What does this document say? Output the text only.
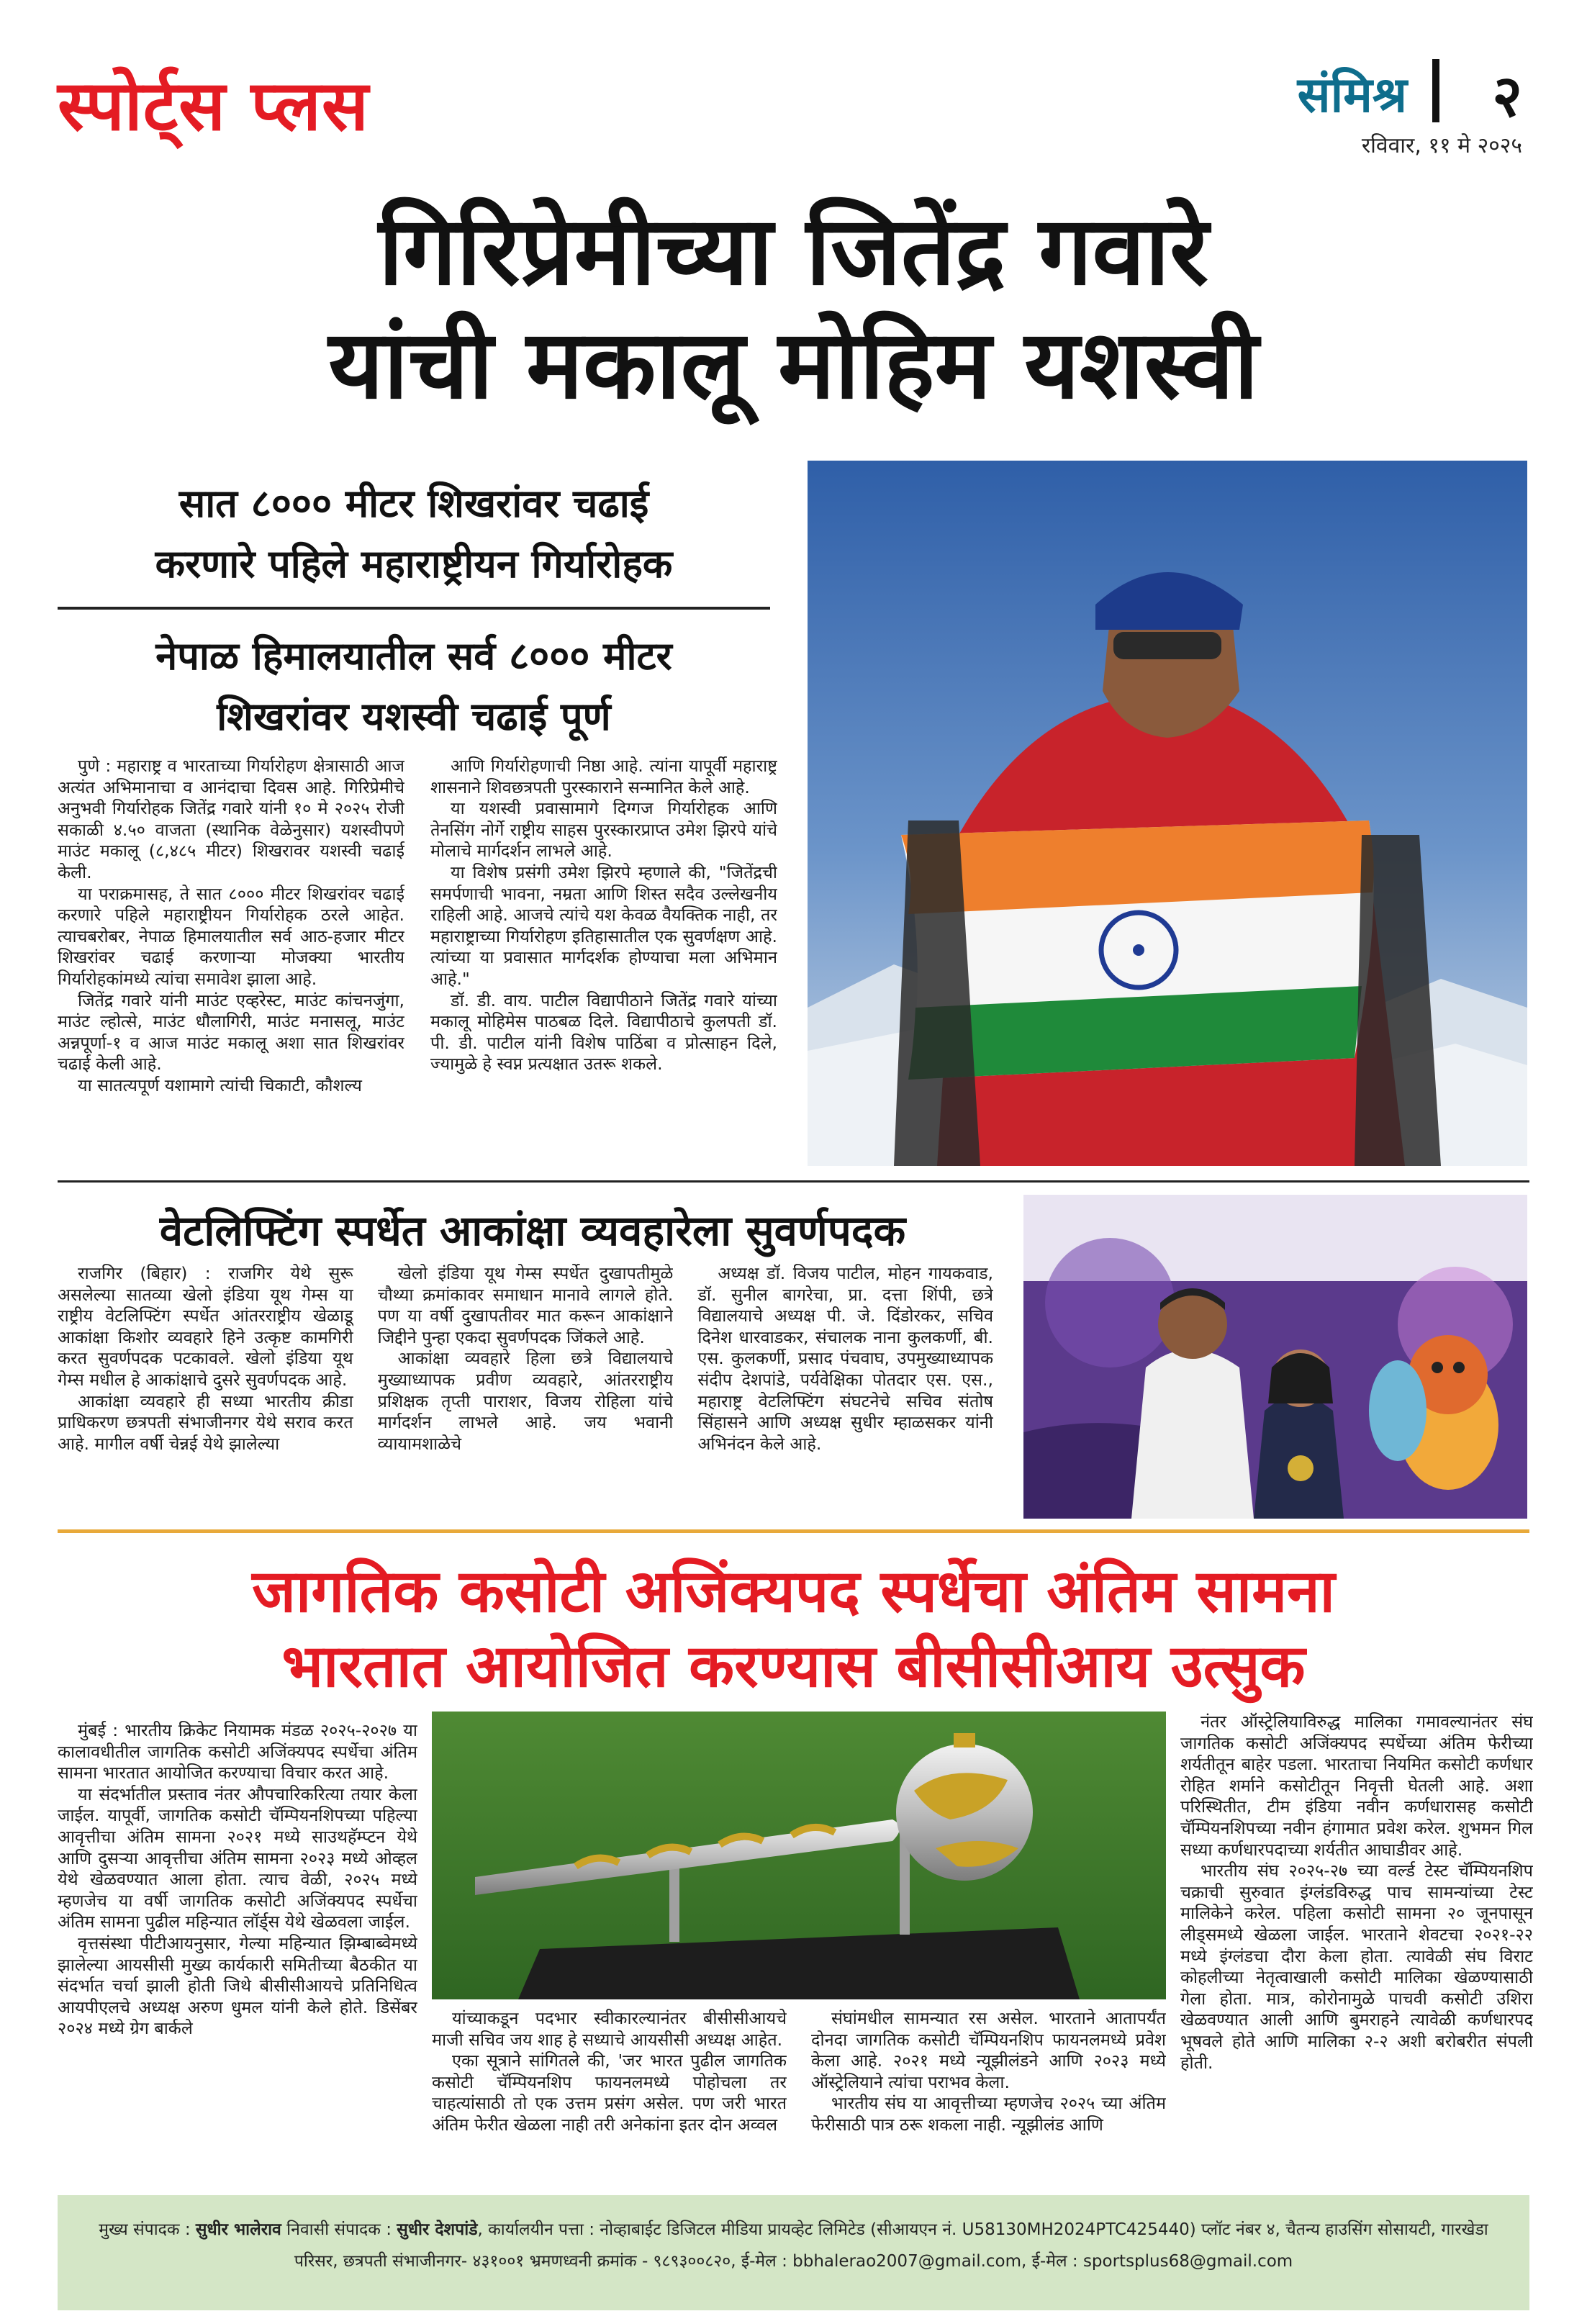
स्पोर्ट्स प्लस	संमिश्र २
रविवार, ११ मे २०२५
गिरिप्रेमीच्या जितेंद्र गवारे
यांची मकालू मोहिम यशस्वी
सात ८००० मीटर शिखरांवर चढाई
करणारे पहिले महाराष्ट्रीयन गिर्यारोहक
नेपाळ हिमालयातील सर्व ८००० मीटर
शिखरांवर यशस्वी चढाई पूर्ण

पुणे : महाराष्ट्र व भारताच्या गिर्यारोहण क्षेत्रासाठी आज अत्यंत अभिमानाचा व आनंदाचा दिवस आहे. गिरिप्रेमीचे अनुभवी गिर्यारोहक जितेंद्र गवारे यांनी १० मे २०२५ रोजी सकाळी ४.५० वाजता (स्थानिक वेळेनुसार) यशस्वीपणे माउंट मकालू (८,४८५ मीटर) शिखरावर यशस्वी चढाई केली.

या पराक्रमासह, ते सात ८००० मीटर शिखरांवर चढाई करणारे पहिले महाराष्ट्रीयन गिर्यारोहक ठरले आहेत. त्याचबरोबर, नेपाळ हिमालयातील सर्व आठ-हजार मीटर शिखरांवर चढाई करणाऱ्या मोजक्या भारतीय गिर्यारोहकांमध्ये त्यांचा समावेश झाला आहे.

जितेंद्र गवारे यांनी माउंट एव्हरेस्ट, माउंट कांचनजुंगा, माउंट ल्होत्से, माउंट धौलागिरी, माउंट मनासलू, माउंट अन्नपूर्णा-१ व आज माउंट मकालू अशा सात शिखरांवर चढाई केली आहे.

या सातत्यपूर्ण यशामागे त्यांची चिकाटी, कौशल्य

आणि गिर्यारोहणाची निष्ठा आहे. त्यांना यापूर्वी महाराष्ट्र शासनाने शिवछत्रपती पुरस्काराने सन्मानित केले आहे.

या यशस्वी प्रवासामागे दिग्गज गिर्यारोहक आणि तेनसिंग नोर्गे राष्ट्रीय साहस पुरस्कारप्राप्त उमेश झिरपे यांचे मोलाचे मार्गदर्शन लाभले आहे.

या विशेष प्रसंगी उमेश झिरपे म्हणाले की, "जितेंद्रची समर्पणाची भावना, नम्रता आणि शिस्त सदैव उल्लेखनीय राहिली आहे. आजचे त्यांचे यश केवळ वैयक्तिक नाही, तर महाराष्ट्राच्या गिर्यारोहण इतिहासातील एक सुवर्णक्षण आहे. त्यांच्या या प्रवासात मार्गदर्शक होण्याचा मला अभिमान आहे."

डॉ. डी. वाय. पाटील विद्यापीठाने जितेंद्र गवारे यांच्या मकालू मोहिमेस पाठबळ दिले. विद्यापीठाचे कुलपती डॉ. पी. डी. पाटील यांनी विशेष पाठिंबा व प्रोत्साहन दिले, ज्यामुळे हे स्वप्न प्रत्यक्षात उतरू शकले.

वेटलिफ्टिंग स्पर्धेत आकांक्षा व्यवहारेला सुवर्णपदक

राजगिर (बिहार) : राजगिर येथे सुरू असलेल्या सातव्या खेलो इंडिया यूथ गेम्स या राष्ट्रीय वेटलिफ्टिंग स्पर्धेत आंतरराष्ट्रीय खेळाडू आकांक्षा किशोर व्यवहारे हिने उत्कृष्ट कामगिरी करत सुवर्णपदक पटकावले. खेलो इंडिया यूथ गेम्स मधील हे आकांक्षाचे दुसरे सुवर्णपदक आहे.

आकांक्षा व्यवहारे ही सध्या भारतीय क्रीडा प्राधिकरण छत्रपती संभाजीनगर येथे सराव करत आहे. मागील वर्षी चेन्नई येथे झालेल्या

खेलो इंडिया यूथ गेम्स स्पर्धेत दुखापतीमुळे चौथ्या क्रमांकावर समाधान मानावे लागले होते. पण या वर्षी दुखापतीवर मात करून आकांक्षाने जिद्दीने पुन्हा एकदा सुवर्णपदक जिंकले आहे.

आकांक्षा व्यवहारे हिला छत्रे विद्यालयाचे मुख्याध्यापक प्रवीण व्यवहारे, आंतरराष्ट्रीय प्रशिक्षक तृप्ती पाराशर, विजय रोहिला यांचे मार्गदर्शन लाभले आहे. जय भवानी व्यायामशाळेचे

अध्यक्ष डॉ. विजय पाटील, मोहन गायकवाड, डॉ. सुनील बागरेचा, प्रा. दत्ता शिंपी, छत्रे विद्यालयाचे अध्यक्ष पी. जे. दिंडोरकर, सचिव दिनेश धारवाडकर, संचालक नाना कुलकर्णी, बी. एस. कुलकर्णी, प्रसाद पंचवाघ, उपमुख्याध्यापक संदीप देशपांडे, पर्यवेक्षिका पोतदार एस. एस., महाराष्ट्र वेटलिफ्टिंग संघटनेचे सचिव संतोष सिंहासने आणि अध्यक्ष सुधीर म्हाळसकर यांनी अभिनंदन केले आहे.

जागतिक कसोटी अजिंक्यपद स्पर्धेचा अंतिम सामना
भारतात आयोजित करण्यास बीसीसीआय उत्सुक

मुंबई : भारतीय क्रिकेट नियामक मंडळ २०२५-२०२७ या कालावधीतील जागतिक कसोटी अजिंक्यपद स्पर्धेचा अंतिम सामना भारतात आयोजित करण्याचा विचार करत आहे.

या संदर्भातील प्रस्ताव नंतर औपचारिकरित्या तयार केला जाईल. यापूर्वी, जागतिक कसोटी चॅम्पियनशिपच्या पहिल्या आवृत्तीचा अंतिम सामना २०२१ मध्ये साउथहॅम्प्टन येथे आणि दुसऱ्या आवृत्तीचा अंतिम सामना २०२३ मध्ये ओव्हल येथे खेळवण्यात आला होता. त्याच वेळी, २०२५ मध्ये म्हणजेच या वर्षी जागतिक कसोटी अजिंक्यपद स्पर्धेचा अंतिम सामना पुढील महिन्यात लॉर्ड्स येथे खेळवला जाईल.

वृत्तसंस्था पीटीआयनुसार, गेल्या महिन्यात झिम्बाब्वेमध्ये झालेल्या आयसीसी मुख्य कार्यकारी समितीच्या बैठकीत या संदर्भात चर्चा झाली होती जिथे बीसीसीआयचे प्रतिनिधित्व आयपीएलचे अध्यक्ष अरुण धुमल यांनी केले होते. डिसेंबर २०२४ मध्ये ग्रेग बार्कले

यांच्याकडून पदभार स्वीकारल्यानंतर बीसीसीआयचे माजी सचिव जय शाह हे सध्याचे आयसीसी अध्यक्ष आहेत.

एका सूत्राने सांगितले की, 'जर भारत पुढील जागतिक कसोटी चॅम्पियनशिप फायनलमध्ये पोहोचला तर चाहत्यांसाठी तो एक उत्तम प्रसंग असेल. पण जरी भारत अंतिम फेरीत खेळला नाही तरी अनेकांना इतर दोन अव्वल

संघांमधील सामन्यात रस असेल. भारताने आतापर्यंत दोनदा जागतिक कसोटी चॅम्पियनशिप फायनलमध्ये प्रवेश केला आहे. २०२१ मध्ये न्यूझीलंडने आणि २०२३ मध्ये ऑस्ट्रेलियाने त्यांचा पराभव केला.

भारतीय संघ या आवृत्तीच्या म्हणजेच २०२५ च्या अंतिम फेरीसाठी पात्र ठरू शकला नाही. न्यूझीलंड आणि

नंतर ऑस्ट्रेलियाविरुद्ध मालिका गमावल्यानंतर संघ जागतिक कसोटी अजिंक्यपद स्पर्धेच्या अंतिम फेरीच्या शर्यतीतून बाहेर पडला. भारताचा नियमित कसोटी कर्णधार रोहित शर्माने कसोटीतून निवृत्ती घेतली आहे. अशा परिस्थितीत, टीम इंडिया नवीन कर्णधारासह कसोटी चॅम्पियनशिपच्या नवीन हंगामात प्रवेश करेल. शुभमन गिल सध्या कर्णधारपदाच्या शर्यतीत आघाडीवर आहे.

भारतीय संघ २०२५-२७ च्या वर्ल्ड टेस्ट चॅम्पियनशिप चक्राची सुरुवात इंग्लंडविरुद्ध पाच सामन्यांच्या टेस्ट मालिकेने करेल. पहिला कसोटी सामना २० जूनपासून लीड्समध्ये खेळला जाईल. भारताने शेवटचा २०२१-२२ मध्ये इंग्लंडचा दौरा केला होता. त्यावेळी संघ विराट कोहलीच्या नेतृत्वाखाली कसोटी मालिका खेळण्यासाठी गेला होता. मात्र, कोरोनामुळे पाचवी कसोटी उशिरा खेळवण्यात आली आणि बुमराहने त्यावेळी कर्णधारपद भूषवले होते आणि मालिका २-२ अशी बरोबरीत संपली होती.

मुख्य संपादक : सुधीर भालेराव निवासी संपादक : सुधीर देशपांडे, कार्यालयीन पत्ता : नोव्हाबाईट डिजिटल मीडिया प्रायव्हेट लिमिटेड (सीआयएन नं. U58130MH2024PTC425440) प्लॉट नंबर ४, चैतन्य हाउसिंग सोसायटी, गारखेडा
परिसर, छत्रपती संभाजीनगर- ४३१००१ भ्रमणध्वनी क्रमांक - ९८९३००८२०, ई-मेल : bbhalerao2007@gmail.com, ई-मेल : sportsplus68@gmail.com
